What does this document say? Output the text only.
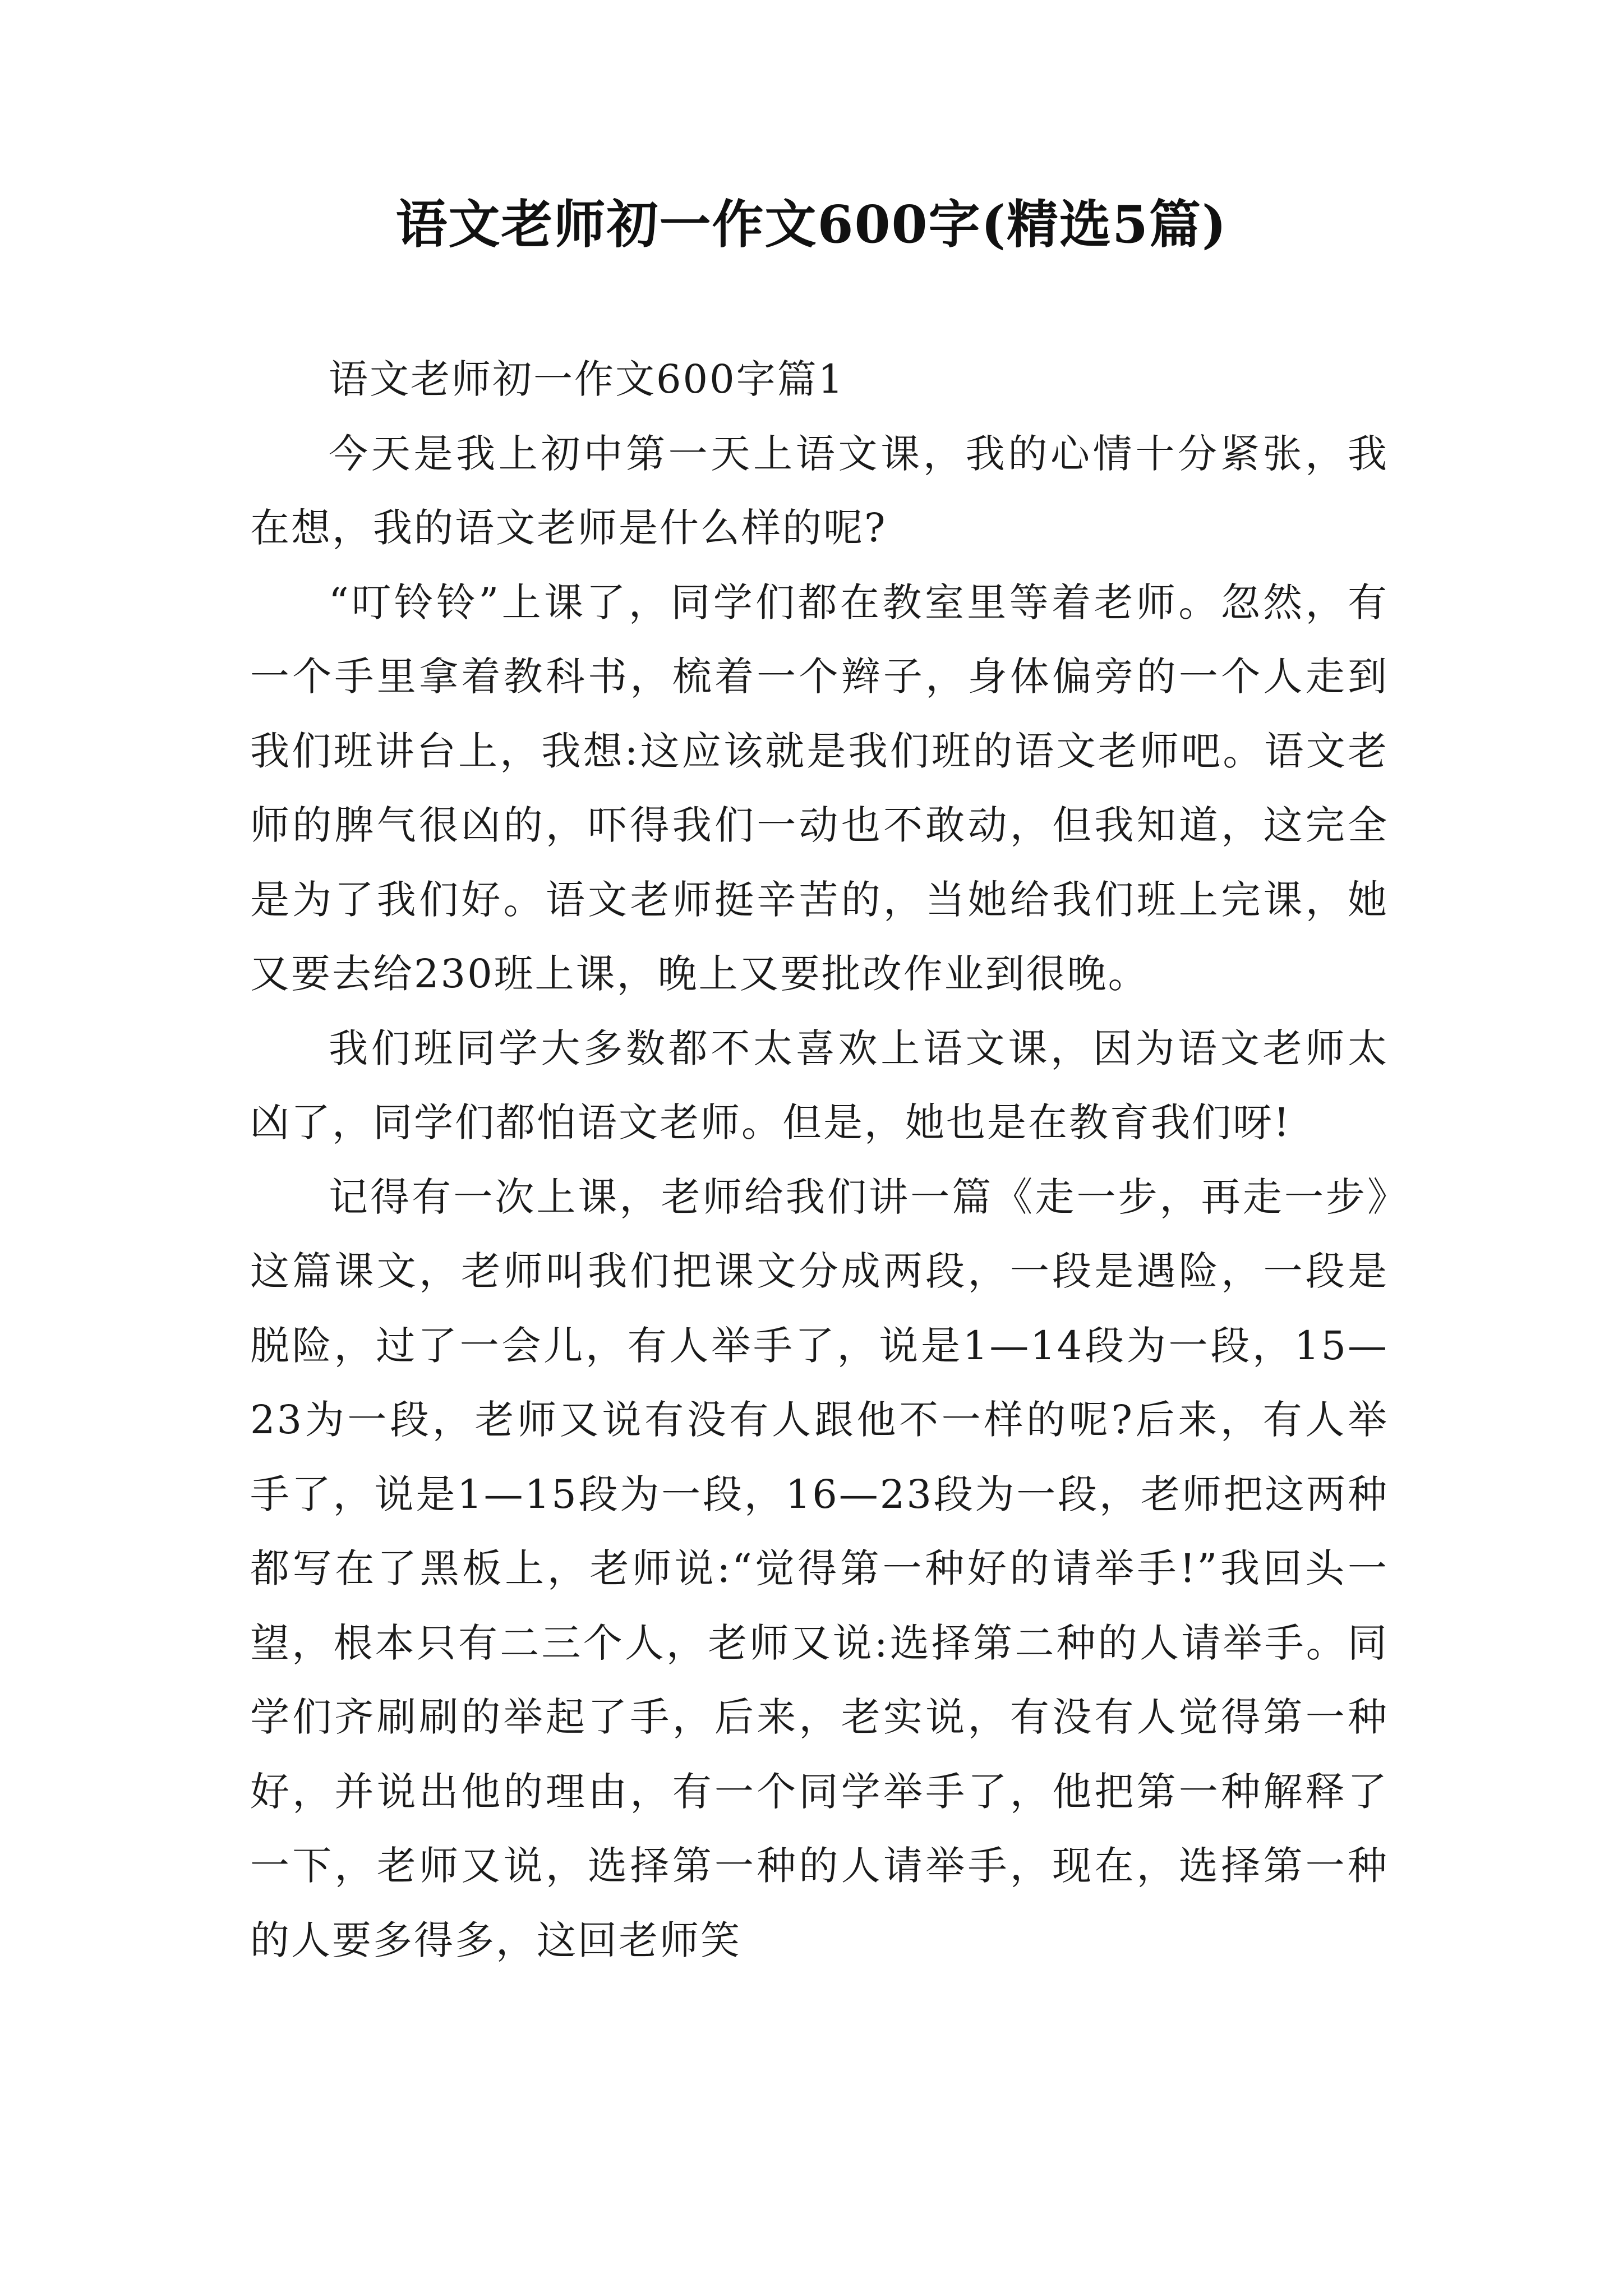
语文老师初一作文600字(精选5篇)

语文老师初一作文600字篇1

今天是我上初中第一天上语文课，我的心情十分紧张，我在想，我的语文老师是什么样的呢?

“叮铃铃”上课了，同学们都在教室里等着老师。忽然，有一个手里拿着教科书，梳着一个辫子，身体偏旁的一个人走到我们班讲台上，我想:这应该就是我们班的语文老师吧。语文老师的脾气很凶的，吓得我们一动也不敢动，但我知道，这完全是为了我们好。语文老师挺辛苦的，当她给我们班上完课，她又要去给230班上课，晚上又要批改作业到很晚。

我们班同学大多数都不太喜欢上语文课，因为语文老师太凶了，同学们都怕语文老师。但是，她也是在教育我们呀!

记得有一次上课，老师给我们讲一篇《走一步，再走一步》这篇课文，老师叫我们把课文分成两段，一段是遇险，一段是脱险，过了一会儿，有人举手了，说是1—14段为一段，15—23为一段，老师又说有没有人跟他不一样的呢?后来，有人举手了，说是1—15段为一段，16—23段为一段，老师把这两种都写在了黑板上，老师说:“觉得第一种好的请举手!”我回头一望，根本只有二三个人，老师又说:选择第二种的人请举手。同学们齐刷刷的举起了手，后来，老实说，有没有人觉得第一种好，并说出他的理由，有一个同学举手了，他把第一种解释了一下，老师又说，选择第一种的人请举手，现在，选择第一种的人要多得多，这回老师笑
